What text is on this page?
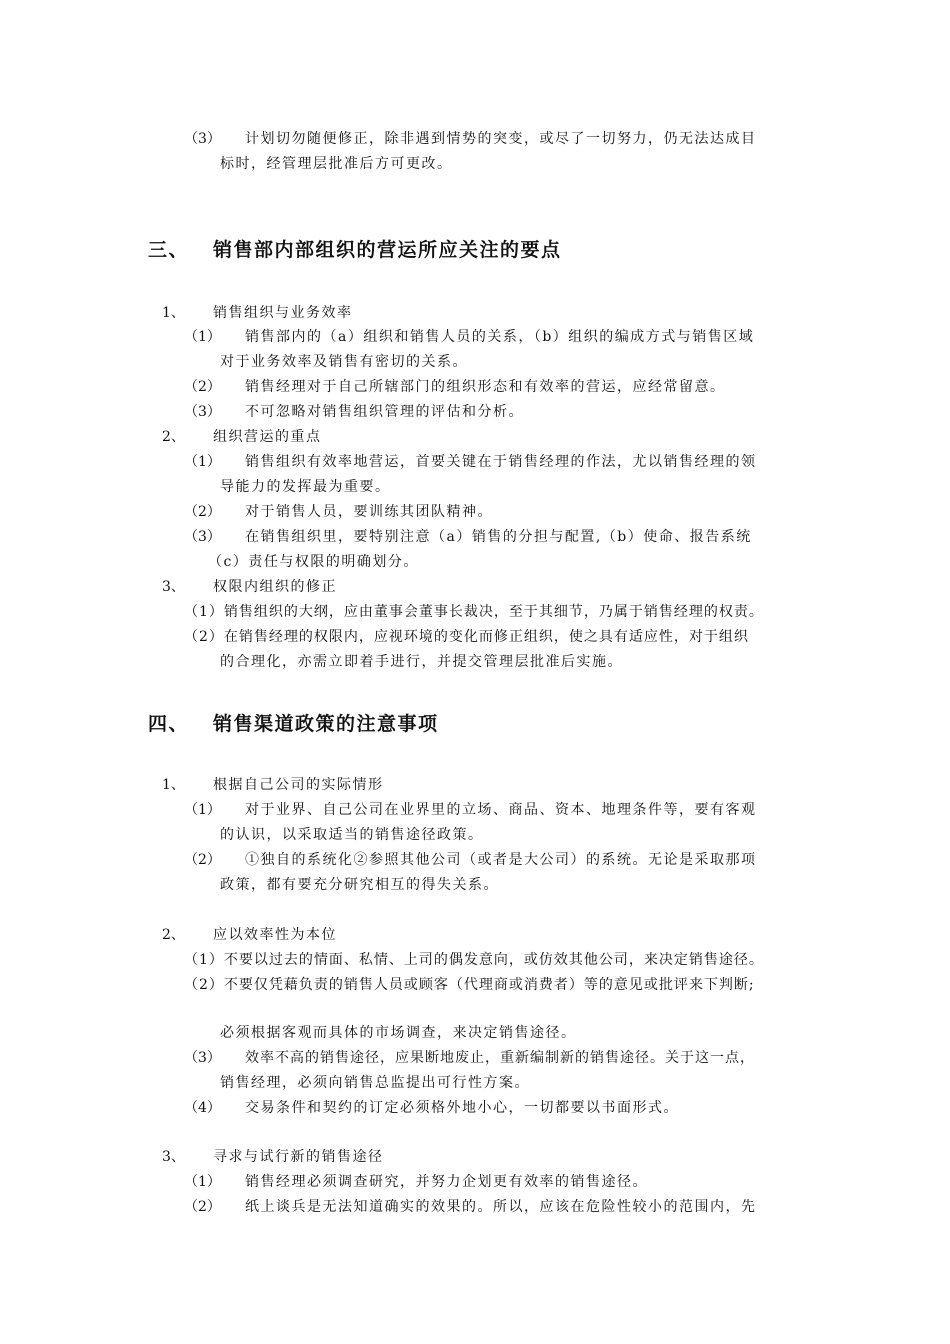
（3） 计划切勿随便修正，除非遇到情势的突变，或尽了一切努力，仍无法达成目
标时，经管理层批准后方可更改。
三、 销售部内部组织的营运所应关注的要点
1、 销售组织与业务效率
（1） 销售部内的（a）组织和销售人员的关系，（b）组织的编成方式与销售区域
对于业务效率及销售有密切的关系。
（2） 销售经理对于自己所辖部门的组织形态和有效率的营运，应经常留意。
（3） 不可忽略对销售组织管理的评估和分析。
2、 组织营运的重点
（1） 销售组织有效率地营运，首要关键在于销售经理的作法，尤以销售经理的领
导能力的发挥最为重要。
（2） 对于销售人员，要训练其团队精神。
（3） 在销售组织里，要特别注意（a）销售的分担与配置,（b）使命、报告系统
（c）责任与权限的明确划分。
3、 权限内组织的修正
（1）销售组织的大纲，应由董事会董事长裁决，至于其细节，乃属于销售经理的权责。
（2）在销售经理的权限内，应视环境的变化而修正组织，使之具有适应性，对于组织
的合理化，亦需立即着手进行，并提交管理层批准后实施。
四、 销售渠道政策的注意事项
1、 根据自己公司的实际情形
（1） 对于业界、自己公司在业界里的立场、商品、资本、地理条件等，要有客观
的认识，以采取适当的销售途径政策。
（2） ①独自的系统化②参照其他公司（或者是大公司）的系统。无论是采取那项
政策，都有要充分研究相互的得失关系。
2、 应以效率性为本位
（1）不要以过去的情面、私情、上司的偶发意向，或仿效其他公司，来决定销售途径。
（2）不要仅凭藉负责的销售人员或顾客（代理商或消费者）等的意见或批评来下判断;
必须根据客观而具体的市场调查，来决定销售途径。
（3） 效率不高的销售途径，应果断地废止，重新编制新的销售途径。关于这一点，
销售经理，必须向销售总监提出可行性方案。
（4） 交易条件和契约的订定必须格外地小心，一切都要以书面形式。
3、 寻求与试行新的销售途径
（1） 销售经理必须调查研究，并努力企划更有效率的销售途径。
（2） 纸上谈兵是无法知道确实的效果的。所以，应该在危险性较小的范围内，先
